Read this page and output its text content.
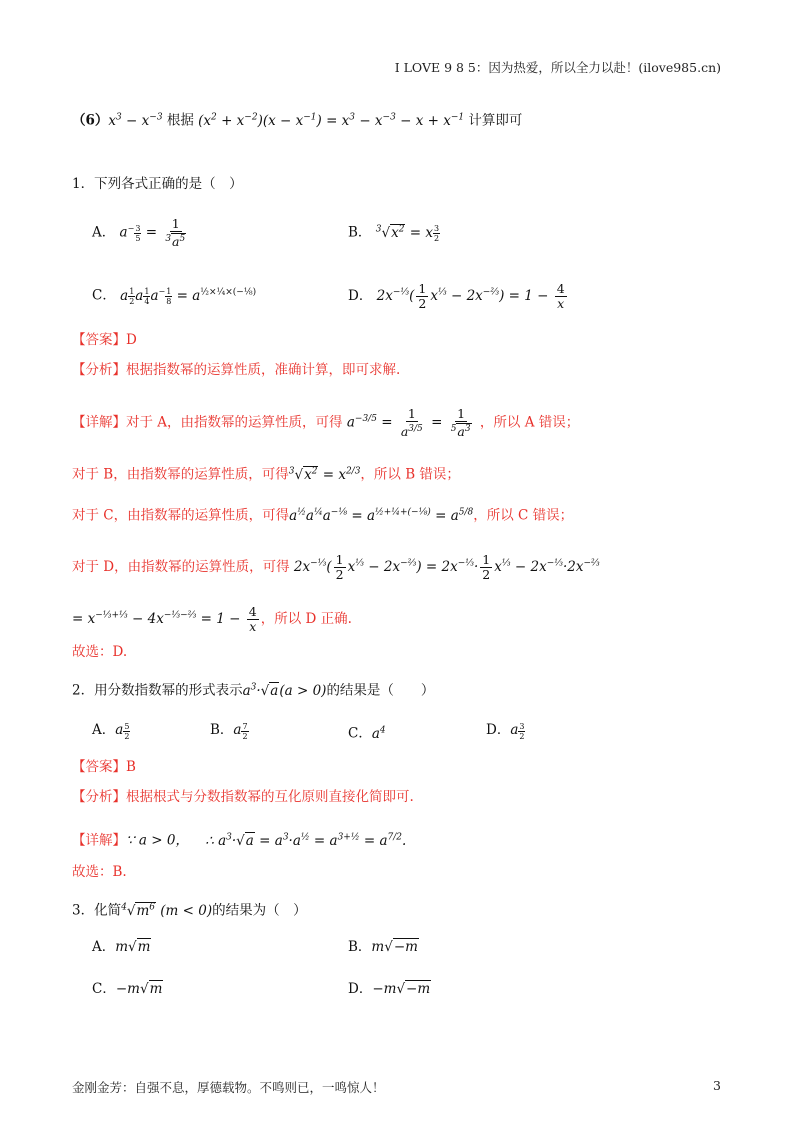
I LOVE 9 8 5：因为热爱，所以全力以赴！(ilove985.cn)
$(6)x^3 - x^{-3}$ 根据 $(x^2 + x^{-2})(x - x^{-1}) = x^3 - x^{-3} - x + x^{-1}$ 计算即可
1．下列各式正确的是（　）
A． $a - \frac{3}{5} = \frac{1}{^3a^5}$	B． $^3√x^2 = x \frac{3}{2}$
C． a $\frac{1}{2}$ a $\frac{1}{4}$ $a - \frac{1}{8} = a^{\frac{1}{2}\times\frac{1}{4}\times(-\frac{1}{8})}$	D． $2x^{-\frac{1}{3}}( \frac{1}{2} x^{\frac{1}{3}} - 2x^{-\frac{2}{3}}) = 1 - \frac{4}{x}$
【答案】D
【分析】根据指数幂的运算性质，准确计算，即可求解.
【详解】对于 A，由指数幂的运算性质，可得 $a^{-3/5} = \frac{1}{a^{3/5}} = \frac{1}{^5a^3}$ ，所以 A 错误；
对于 B，由指数幂的运算性质，可得$^3√x^2 = x^{2/3}$，所以 B 错误；
对于 C，由指数幂的运算性质，可得$a^{\frac{1}{2}}a^{\frac{1}{4}}a^{-\frac{1}{8}} = a^{\frac{1}{2}+\frac{1}{4}+(-\frac{1}{8})} = a^{5/8}$，所以 C 错误；
对于 D，由指数幂的运算性质，可得 $2x^{-\frac{1}{3}}( \frac{1}{2} x^{\frac{1}{3}} - 2x^{-\frac{2}{3}}) = 2x^{-\frac{1}{3}}\cdot \frac{1}{2} x^{\frac{1}{3}} - 2x^{-\frac{1}{3}}\cdot 2x^{-\frac{2}{3}}$
= $x^{-\frac{1}{3}+\frac{1}{3}} - 4x^{-\frac{1}{3}-\frac{2}{3}} = 1 - \frac{4}{x}$ ，所以 D 正确.
故选：D.
2．用分数指数幂的形式表示$a^3\cdot√a(a > 0)$的结果是（　　）
A．a $\frac{5}{2}$	B．a $\frac{7}{2}$	C．$a^4$	D．a $\frac{3}{2}$
【答案】B
【分析】根据根式与分数指数幂的互化原则直接化简即可.
【详解】∵ a > 0， ∴ $a^3\cdot√a = a^3\cdot a^{\frac{1}{2}} = a^{3+\frac{1}{2}} = a^{7/2}$.
故选：B.
3．化简$^4√m^6$ (m < 0)的结果为（　）
A．m√m	B．m√−m
C．−m√m	D．−m√−m
金刚金芳：自强不息，厚德载物。不鸣则已，一鸣惊人！	3
